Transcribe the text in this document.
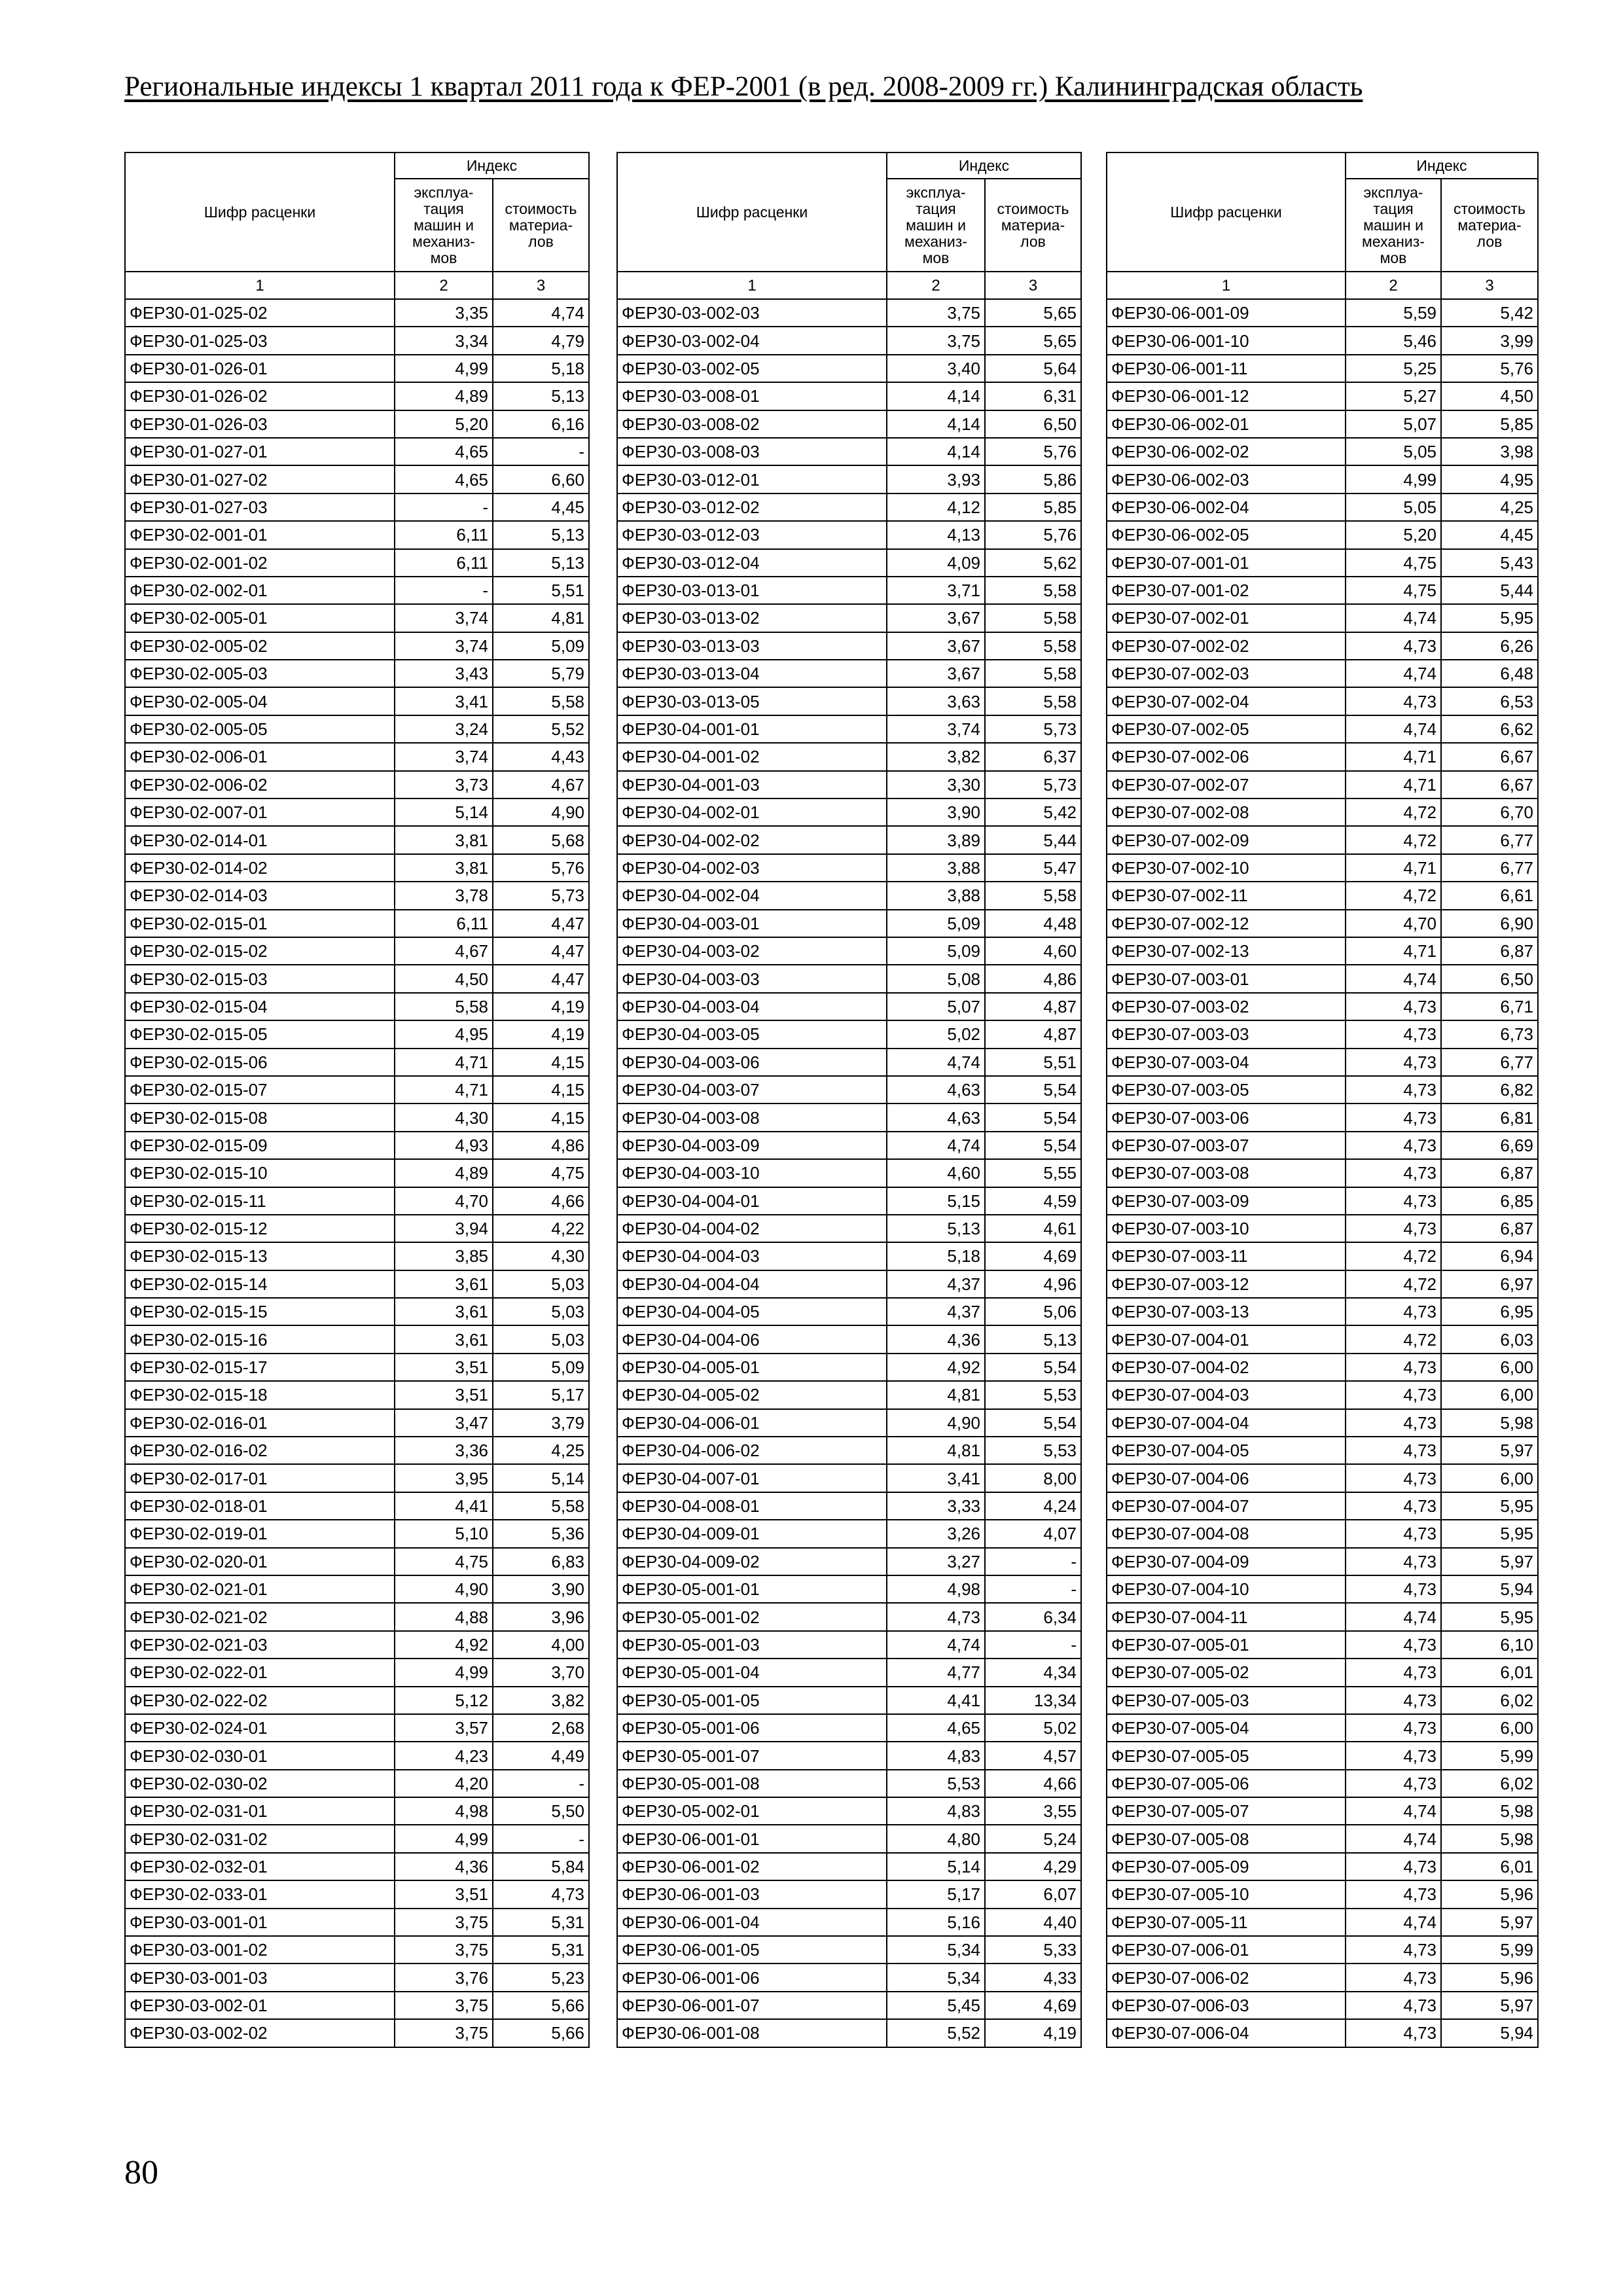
Региональные индексы 1 квартал 2011 года к ФЕР-2001 (в ред. 2008-2009 гг.) Калининградская область
Шифр расценки	Индекс	
	эксплуа-
тация
машин и
механиз-
мов	стоимость
материа-
лов
1	2	3
ФЕР30-01-025-02	3,35	4,74
ФЕР30-01-025-03	3,34	4,79
ФЕР30-01-026-01	4,99	5,18
ФЕР30-01-026-02	4,89	5,13
ФЕР30-01-026-03	5,20	6,16
ФЕР30-01-027-01	4,65	-
ФЕР30-01-027-02	4,65	6,60
ФЕР30-01-027-03	-	4,45
ФЕР30-02-001-01	6,11	5,13
ФЕР30-02-001-02	6,11	5,13
ФЕР30-02-002-01	-	5,51
ФЕР30-02-005-01	3,74	4,81
ФЕР30-02-005-02	3,74	5,09
ФЕР30-02-005-03	3,43	5,79
ФЕР30-02-005-04	3,41	5,58
ФЕР30-02-005-05	3,24	5,52
ФЕР30-02-006-01	3,74	4,43
ФЕР30-02-006-02	3,73	4,67
ФЕР30-02-007-01	5,14	4,90
ФЕР30-02-014-01	3,81	5,68
ФЕР30-02-014-02	3,81	5,76
ФЕР30-02-014-03	3,78	5,73
ФЕР30-02-015-01	6,11	4,47
ФЕР30-02-015-02	4,67	4,47
ФЕР30-02-015-03	4,50	4,47
ФЕР30-02-015-04	5,58	4,19
ФЕР30-02-015-05	4,95	4,19
ФЕР30-02-015-06	4,71	4,15
ФЕР30-02-015-07	4,71	4,15
ФЕР30-02-015-08	4,30	4,15
ФЕР30-02-015-09	4,93	4,86
ФЕР30-02-015-10	4,89	4,75
ФЕР30-02-015-11	4,70	4,66
ФЕР30-02-015-12	3,94	4,22
ФЕР30-02-015-13	3,85	4,30
ФЕР30-02-015-14	3,61	5,03
ФЕР30-02-015-15	3,61	5,03
ФЕР30-02-015-16	3,61	5,03
ФЕР30-02-015-17	3,51	5,09
ФЕР30-02-015-18	3,51	5,17
ФЕР30-02-016-01	3,47	3,79
ФЕР30-02-016-02	3,36	4,25
ФЕР30-02-017-01	3,95	5,14
ФЕР30-02-018-01	4,41	5,58
ФЕР30-02-019-01	5,10	5,36
ФЕР30-02-020-01	4,75	6,83
ФЕР30-02-021-01	4,90	3,90
ФЕР30-02-021-02	4,88	3,96
ФЕР30-02-021-03	4,92	4,00
ФЕР30-02-022-01	4,99	3,70
ФЕР30-02-022-02	5,12	3,82
ФЕР30-02-024-01	3,57	2,68
ФЕР30-02-030-01	4,23	4,49
ФЕР30-02-030-02	4,20	-
ФЕР30-02-031-01	4,98	5,50
ФЕР30-02-031-02	4,99	-
ФЕР30-02-032-01	4,36	5,84
ФЕР30-02-033-01	3,51	4,73
ФЕР30-03-001-01	3,75	5,31
ФЕР30-03-001-02	3,75	5,31
ФЕР30-03-001-03	3,76	5,23
ФЕР30-03-002-01	3,75	5,66
ФЕР30-03-002-02	3,75	5,66
Шифр расценки	Индекс	
	эксплуа-
тация
машин и
механиз-
мов	стоимость
материа-
лов
1	2	3
ФЕР30-03-002-03	3,75	5,65
ФЕР30-03-002-04	3,75	5,65
ФЕР30-03-002-05	3,40	5,64
ФЕР30-03-008-01	4,14	6,31
ФЕР30-03-008-02	4,14	6,50
ФЕР30-03-008-03	4,14	5,76
ФЕР30-03-012-01	3,93	5,86
ФЕР30-03-012-02	4,12	5,85
ФЕР30-03-012-03	4,13	5,76
ФЕР30-03-012-04	4,09	5,62
ФЕР30-03-013-01	3,71	5,58
ФЕР30-03-013-02	3,67	5,58
ФЕР30-03-013-03	3,67	5,58
ФЕР30-03-013-04	3,67	5,58
ФЕР30-03-013-05	3,63	5,58
ФЕР30-04-001-01	3,74	5,73
ФЕР30-04-001-02	3,82	6,37
ФЕР30-04-001-03	3,30	5,73
ФЕР30-04-002-01	3,90	5,42
ФЕР30-04-002-02	3,89	5,44
ФЕР30-04-002-03	3,88	5,47
ФЕР30-04-002-04	3,88	5,58
ФЕР30-04-003-01	5,09	4,48
ФЕР30-04-003-02	5,09	4,60
ФЕР30-04-003-03	5,08	4,86
ФЕР30-04-003-04	5,07	4,87
ФЕР30-04-003-05	5,02	4,87
ФЕР30-04-003-06	4,74	5,51
ФЕР30-04-003-07	4,63	5,54
ФЕР30-04-003-08	4,63	5,54
ФЕР30-04-003-09	4,74	5,54
ФЕР30-04-003-10	4,60	5,55
ФЕР30-04-004-01	5,15	4,59
ФЕР30-04-004-02	5,13	4,61
ФЕР30-04-004-03	5,18	4,69
ФЕР30-04-004-04	4,37	4,96
ФЕР30-04-004-05	4,37	5,06
ФЕР30-04-004-06	4,36	5,13
ФЕР30-04-005-01	4,92	5,54
ФЕР30-04-005-02	4,81	5,53
ФЕР30-04-006-01	4,90	5,54
ФЕР30-04-006-02	4,81	5,53
ФЕР30-04-007-01	3,41	8,00
ФЕР30-04-008-01	3,33	4,24
ФЕР30-04-009-01	3,26	4,07
ФЕР30-04-009-02	3,27	-
ФЕР30-05-001-01	4,98	-
ФЕР30-05-001-02	4,73	6,34
ФЕР30-05-001-03	4,74	-
ФЕР30-05-001-04	4,77	4,34
ФЕР30-05-001-05	4,41	13,34
ФЕР30-05-001-06	4,65	5,02
ФЕР30-05-001-07	4,83	4,57
ФЕР30-05-001-08	5,53	4,66
ФЕР30-05-002-01	4,83	3,55
ФЕР30-06-001-01	4,80	5,24
ФЕР30-06-001-02	5,14	4,29
ФЕР30-06-001-03	5,17	6,07
ФЕР30-06-001-04	5,16	4,40
ФЕР30-06-001-05	5,34	5,33
ФЕР30-06-001-06	5,34	4,33
ФЕР30-06-001-07	5,45	4,69
ФЕР30-06-001-08	5,52	4,19
Шифр расценки	Индекс	
	эксплуа-
тация
машин и
механиз-
мов	стоимость
материа-
лов
1	2	3
ФЕР30-06-001-09	5,59	5,42
ФЕР30-06-001-10	5,46	3,99
ФЕР30-06-001-11	5,25	5,76
ФЕР30-06-001-12	5,27	4,50
ФЕР30-06-002-01	5,07	5,85
ФЕР30-06-002-02	5,05	3,98
ФЕР30-06-002-03	4,99	4,95
ФЕР30-06-002-04	5,05	4,25
ФЕР30-06-002-05	5,20	4,45
ФЕР30-07-001-01	4,75	5,43
ФЕР30-07-001-02	4,75	5,44
ФЕР30-07-002-01	4,74	5,95
ФЕР30-07-002-02	4,73	6,26
ФЕР30-07-002-03	4,74	6,48
ФЕР30-07-002-04	4,73	6,53
ФЕР30-07-002-05	4,74	6,62
ФЕР30-07-002-06	4,71	6,67
ФЕР30-07-002-07	4,71	6,67
ФЕР30-07-002-08	4,72	6,70
ФЕР30-07-002-09	4,72	6,77
ФЕР30-07-002-10	4,71	6,77
ФЕР30-07-002-11	4,72	6,61
ФЕР30-07-002-12	4,70	6,90
ФЕР30-07-002-13	4,71	6,87
ФЕР30-07-003-01	4,74	6,50
ФЕР30-07-003-02	4,73	6,71
ФЕР30-07-003-03	4,73	6,73
ФЕР30-07-003-04	4,73	6,77
ФЕР30-07-003-05	4,73	6,82
ФЕР30-07-003-06	4,73	6,81
ФЕР30-07-003-07	4,73	6,69
ФЕР30-07-003-08	4,73	6,87
ФЕР30-07-003-09	4,73	6,85
ФЕР30-07-003-10	4,73	6,87
ФЕР30-07-003-11	4,72	6,94
ФЕР30-07-003-12	4,72	6,97
ФЕР30-07-003-13	4,73	6,95
ФЕР30-07-004-01	4,72	6,03
ФЕР30-07-004-02	4,73	6,00
ФЕР30-07-004-03	4,73	6,00
ФЕР30-07-004-04	4,73	5,98
ФЕР30-07-004-05	4,73	5,97
ФЕР30-07-004-06	4,73	6,00
ФЕР30-07-004-07	4,73	5,95
ФЕР30-07-004-08	4,73	5,95
ФЕР30-07-004-09	4,73	5,97
ФЕР30-07-004-10	4,73	5,94
ФЕР30-07-004-11	4,74	5,95
ФЕР30-07-005-01	4,73	6,10
ФЕР30-07-005-02	4,73	6,01
ФЕР30-07-005-03	4,73	6,02
ФЕР30-07-005-04	4,73	6,00
ФЕР30-07-005-05	4,73	5,99
ФЕР30-07-005-06	4,73	6,02
ФЕР30-07-005-07	4,74	5,98
ФЕР30-07-005-08	4,74	5,98
ФЕР30-07-005-09	4,73	6,01
ФЕР30-07-005-10	4,73	5,96
ФЕР30-07-005-11	4,74	5,97
ФЕР30-07-006-01	4,73	5,99
ФЕР30-07-006-02	4,73	5,96
ФЕР30-07-006-03	4,73	5,97
ФЕР30-07-006-04	4,73	5,94
80
